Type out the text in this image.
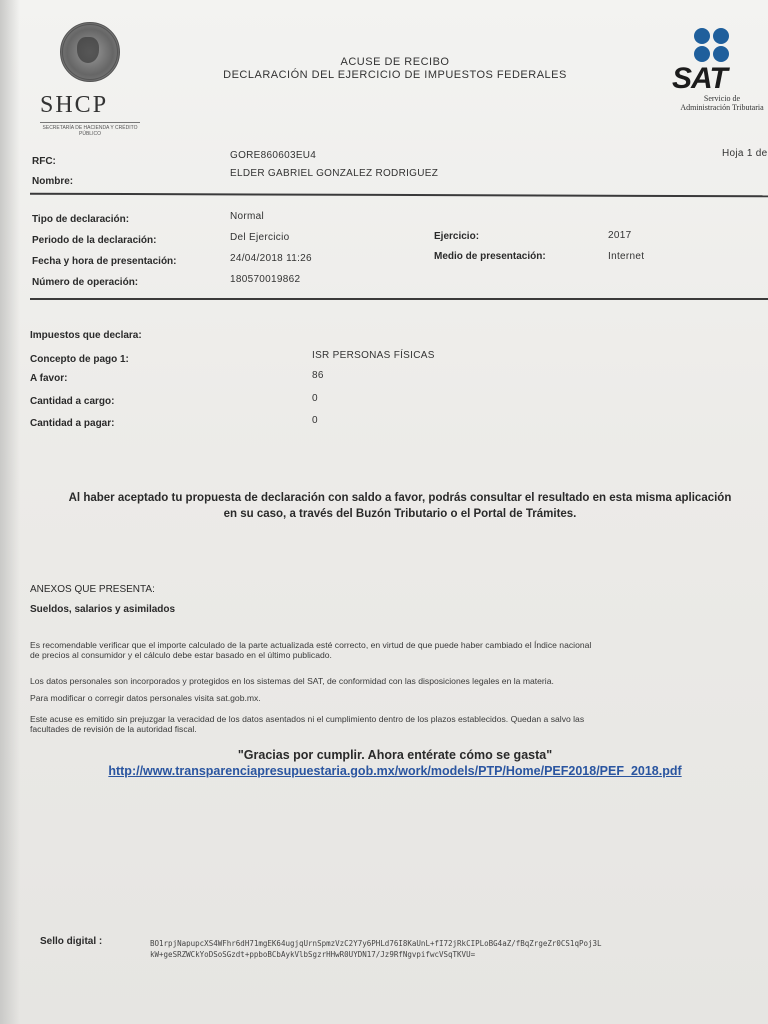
SHCP
SECRETARÍA DE HACIENDA Y CRÉDITO PÚBLICO
ACUSE DE RECIBO
DECLARACIÓN DEL EJERCICIO DE IMPUESTOS FEDERALES	SAT
Servicio de
Administración Tributaria
RFC:
GORE860603EU4	Hoja 1 de
Nombre:
ELDER GABRIEL GONZALEZ RODRIGUEZ
Tipo de declaración:	Normal
Periodo de la declaración:	Del Ejercicio	Ejercicio:	2017
Fecha y hora de presentación:	24/04/2018 11:26	Medio de presentación:	Internet
Número de operación:	180570019862
Impuestos que declara:
Concepto de pago 1:	ISR PERSONAS FÍSICAS
A favor:	86
Cantidad a cargo:	0
Cantidad a pagar:	0
Al haber aceptado tu propuesta de declaración con saldo a favor, podrás consultar el resultado en esta misma aplicación
en su caso, a través del Buzón Tributario o el Portal de Trámites.
ANEXOS QUE PRESENTA:
Sueldos, salarios y asimilados
Es recomendable verificar que el importe calculado de la parte actualizada esté correcto, en virtud de que puede haber cambiado el Índice nacional
de precios al consumidor y el cálculo debe estar basado en el último publicado.
Los datos personales son incorporados y protegidos en los sistemas del SAT, de conformidad con las disposiciones legales en la materia.
Para modificar o corregir datos personales visita sat.gob.mx.
Este acuse es emitido sin prejuzgar la veracidad de los datos asentados ni el cumplimiento dentro de los plazos establecidos. Quedan a salvo las
facultades de revisión de la autoridad fiscal.
"Gracias por cumplir. Ahora entérate cómo se gasta"
http://www.transparenciapresupuestaria.gob.mx/work/models/PTP/Home/PEF2018/PEF_2018.pdf
Sello digital :	BO1rpjNapupcXS4WFhr6dH71mgEK64ugjqUrnSpmzVzC2Y7y6PHLd76I8KaUnL+fI72jRkCIPLoBG4aZ/fBqZrgeZr0CS1qPoj3L
kW+geSRZWCkYoDSoSGzdt+ppboBCbAykVlbSgzrHHwR0UYDN17/Jz9RfNgvpifwcVSqTKVU=
